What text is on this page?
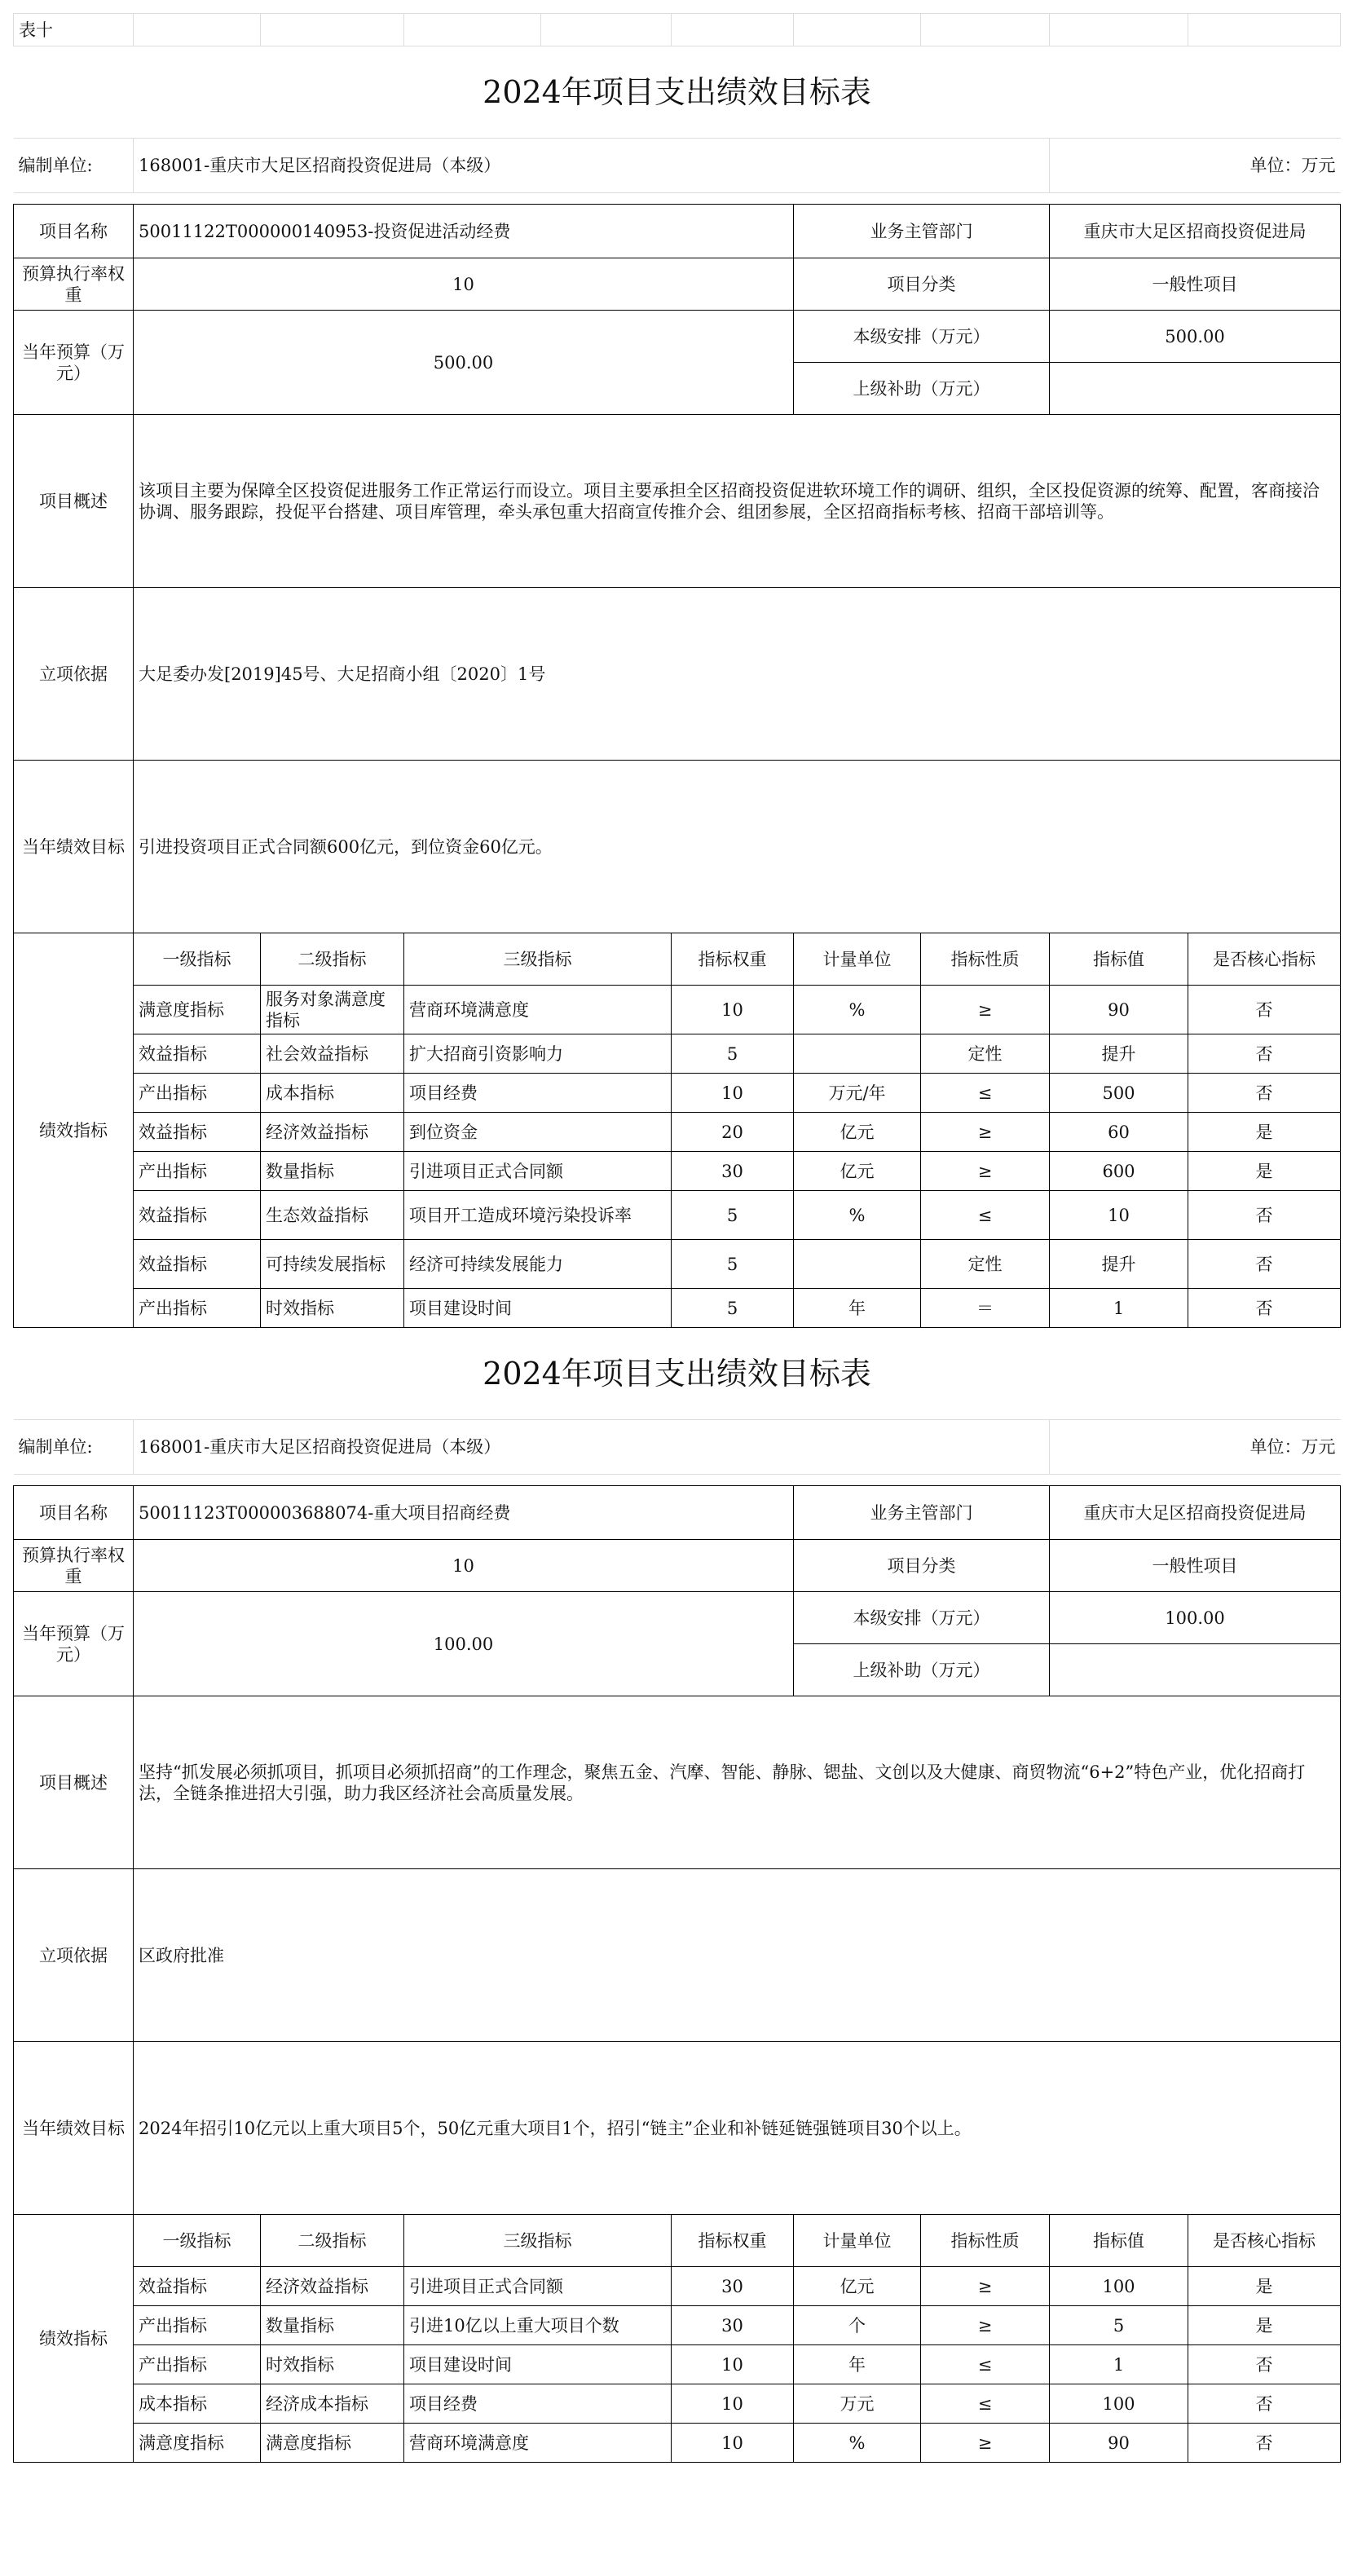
表十									
2024年项目支出绩效目标表									
编制单位:	168001-重庆市大足区招商投资促进局（本级）							单位：万元	

项目名称	50011122T000000140953-投资促进活动经费					业务主管部门		重庆市大足区招商投资促进局	
预算执行率权重	10					项目分类		一般性项目	
当年预算（万元）	500.00					本级安排（万元）		500.00	
						上级补助（万元）			
项目概述	该项目主要为保障全区投资促进服务工作正常运行而设立。项目主要承担全区招商投资促进软环境工作的调研、组织，全区投促资源的统筹、配置，客商接洽协调、服务跟踪，投促平台搭建、项目库管理，牵头承包重大招商宣传推介会、组团参展，全区招商指标考核、招商干部培训等。								
立项依据	大足委办发[2019]45号、大足招商小组〔2020〕1号								
当年绩效目标	引进投资项目正式合同额600亿元，到位资金60亿元。								
绩效指标	一级指标	二级指标	三级指标		指标权重	计量单位	指标性质	指标值	是否核心指标
	满意度指标	服务对象满意度指标	营商环境满意度		10	%	≥	90	否
	效益指标	社会效益指标	扩大招商引资影响力		5		定性	提升	否
	产出指标	成本指标	项目经费		10	万元/年	≤	500	否
	效益指标	经济效益指标	到位资金		20	亿元	≥	60	是
	产出指标	数量指标	引进项目正式合同额		30	亿元	≥	600	是
	效益指标	生态效益指标	项目开工造成环境污染投诉率		5	%	≤	10	否
	效益指标	可持续发展指标	经济可持续发展能力		5		定性	提升	否
	产出指标	时效指标	项目建设时间		5	年	＝	1	否
2024年项目支出绩效目标表									
编制单位:	168001-重庆市大足区招商投资促进局（本级）							单位：万元	

项目名称	50011123T000003688074-重大项目招商经费					业务主管部门		重庆市大足区招商投资促进局	
预算执行率权重	10					项目分类		一般性项目	
当年预算（万元）	100.00					本级安排（万元）		100.00	
						上级补助（万元）			
项目概述	坚持“抓发展必须抓项目，抓项目必须抓招商”的工作理念，聚焦五金、汽摩、智能、静脉、锶盐、文创以及大健康、商贸物流“6+2”特色产业，优化招商打法，全链条推进招大引强，助力我区经济社会高质量发展。								
立项依据	区政府批准								
当年绩效目标	2024年招引10亿元以上重大项目5个，50亿元重大项目1个，招引“链主”企业和补链延链强链项目30个以上。								
绩效指标	一级指标	二级指标	三级指标		指标权重	计量单位	指标性质	指标值	是否核心指标
	效益指标	经济效益指标	引进项目正式合同额		30	亿元	≥	100	是
	产出指标	数量指标	引进10亿以上重大项目个数		30	个	≥	5	是
	产出指标	时效指标	项目建设时间		10	年	≤	1	否
	成本指标	经济成本指标	项目经费		10	万元	≤	100	否
	满意度指标	满意度指标	营商环境满意度		10	%	≥	90	否
